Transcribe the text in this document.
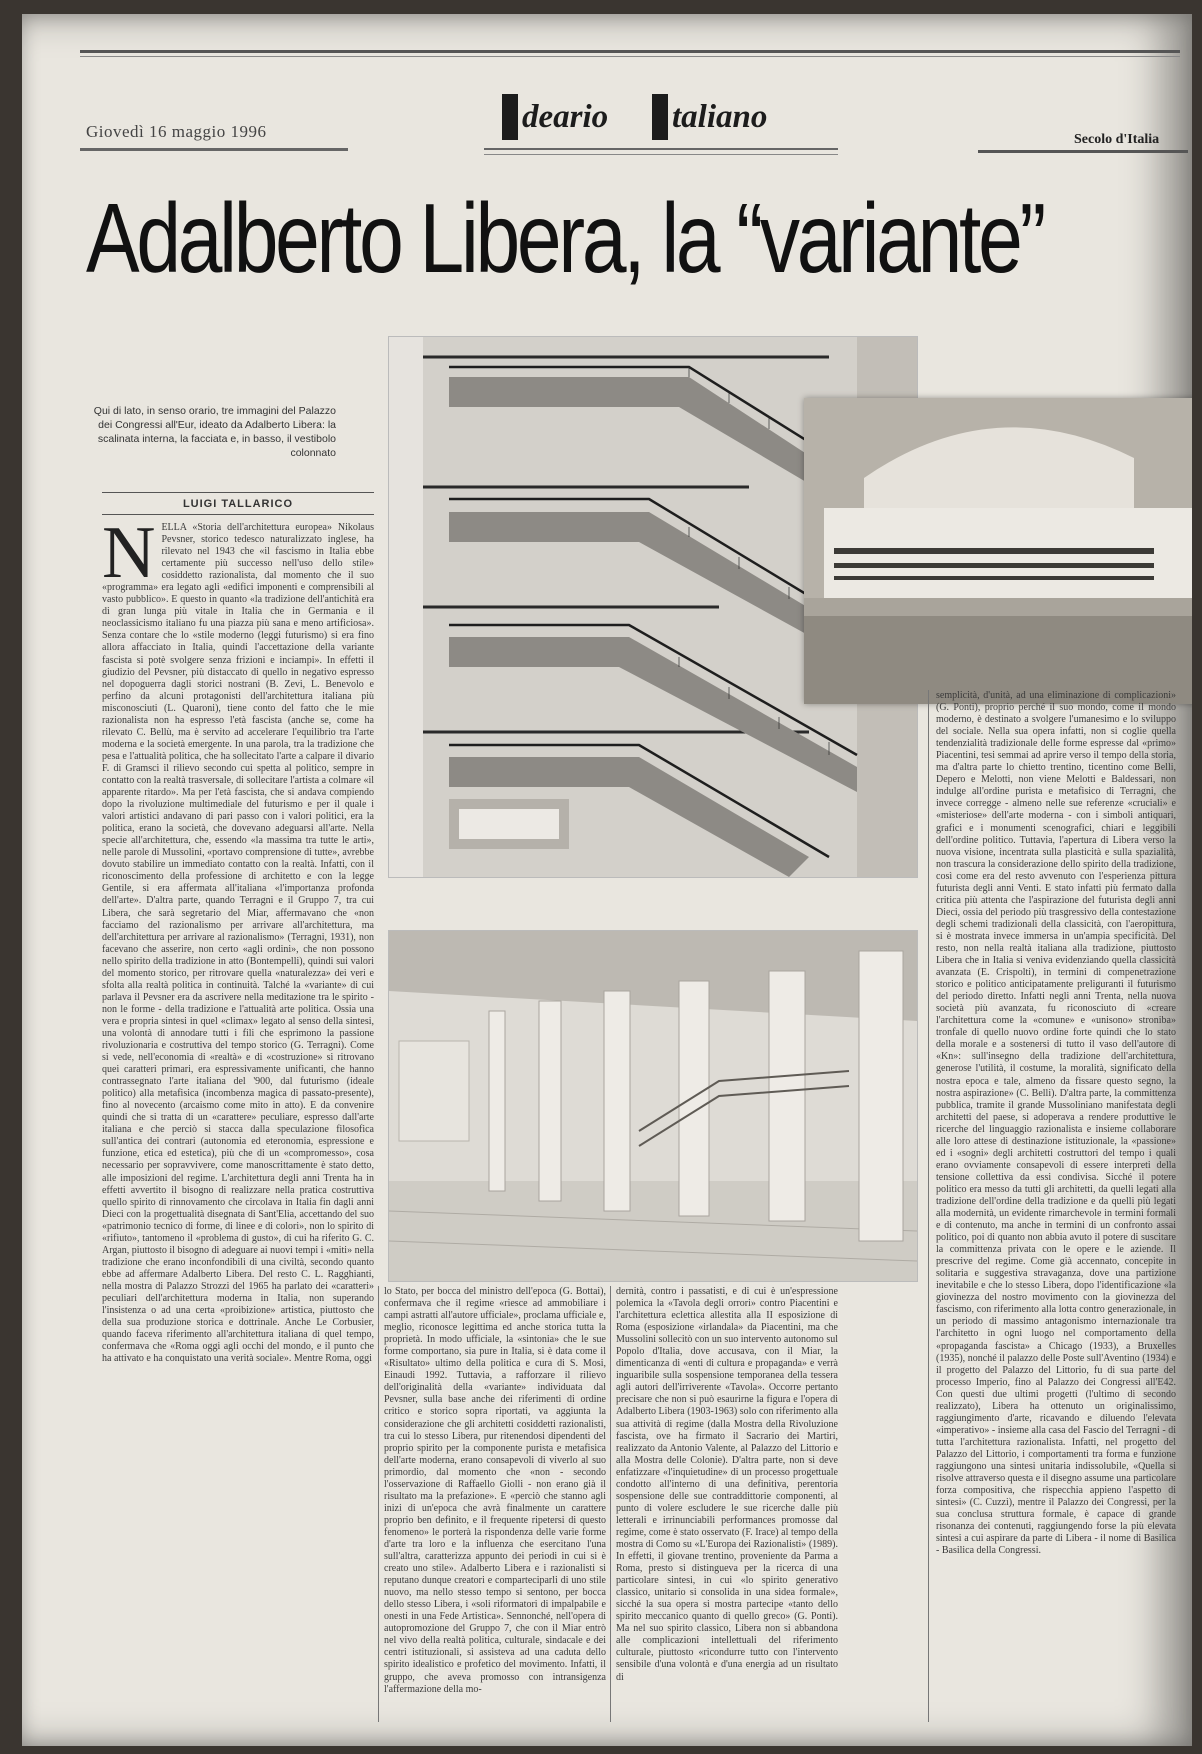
Giovedì 16 maggio 1996	deario taliano
Secolo d'Italia
Adalberto Libera, la “variante”
Qui di lato, in senso orario, tre immagini del Palazzo dei Congressi all'Eur, ideato da Adalberto Libera: la scalinata interna, la facciata e, in basso, il vestibolo colonnato
LUIGI TALLARICO
N ELLA «Storia dell'architettura europea» Nikolaus Pevsner, storico tedesco naturalizzato inglese, ha rilevato nel 1943 che «il fascismo in Italia ebbe certamente più successo nell'uso dello stile» cosiddetto razionalista, dal momento che il suo «programma» era legato agli «edifici imponenti e comprensibili al vasto pubblico». E questo in quanto «la tradizione dell'antichità era di gran lunga più vitale in Italia che in Germania e il neoclassicismo italiano fu una piazza più sana e meno artificiosa». Senza contare che lo «stile moderno (leggi futurismo) si era fino allora affacciato in Italia, quindi l'accettazione della variante fascista si potè svolgere senza frizioni e inciampi». In effetti il giudizio del Pevsner, più distaccato di quello in negativo espresso nel dopoguerra dagli storici nostrani (B. Zevi, L. Benevolo e perfino da alcuni protagonisti dell'architettura italiana più misconosciuti (L. Quaroni), tiene conto del fatto che le mie razionalista non ha espresso l'età fascista (anche se, come ha rilevato C. Bellù, ma è servito ad accelerare l'equilibrio tra l'arte moderna e la società emergente. In una parola, tra la tradizione che pesa e l'attualità politica, che ha sollecitato l'arte a calpare il divario F. di Gramsci il rilievo secondo cui spetta al politico, sempre in contatto con la realtà trasversale, di sollecitare l'artista a colmare «il apparente ritardo». Ma per l'età fascista, che si andava compiendo dopo la rivoluzione multimediale del futurismo e per il quale i valori artistici andavano di pari passo con i valori politici, era la politica, erano la società, che dovevano adeguarsi all'arte. Nella specie all'architettura, che, essendo «la massima tra tutte le arti», nelle parole di Mussolini, «portavo comprensione di tutte», avrebbe dovuto stabilire un immediato contatto con la realtà. Infatti, con il riconoscimento della professione di architetto e con la legge Gentile, si era affermata all'italiana «l'importanza profonda dell'arte». D'altra parte, quando Terragni e il Gruppo 7, tra cui Libera, che sarà segretario del Miar, affermavano che «non facciamo del razionalismo per arrivare all'architettura, ma dell'architettura per arrivare al razionalismo» (Terragni, 1931), non facevano che asserire, non certo «agli ordini», che non possono nello spirito della tradizione in atto (Bontempelli), quindi sui valori del momento storico, per ritrovare quella «naturalezza» dei veri e sfolta alla realtà politica in continuità. Talché la «variante» di cui parlava il Pevsner era da ascrivere nella meditazione tra le spirito - non le forme - della tradizione e l'attualità arte politica. Ossia una vera e propria sintesi in quel «climax» legato al senso della sintesi, una volontà di annodare tutti i fili che esprimono la passione rivoluzionaria e costruttiva del tempo storico (G. Terragni). Come si vede, nell'economia di «realtà» e di «costruzione» si ritrovano quei caratteri primari, era espressivamente unificanti, che hanno contrassegnato l'arte italiana del '900, dal futurismo (ideale politico) alla metafisica (incombenza magica di passato-presente), fino al novecento (arcaismo come mito in atto). E da convenire quindi che si tratta di un «carattere» peculiare, espresso dall'arte italiana e che perciò si stacca dalla speculazione filosofica sull'antica dei contrari (autonomia ed eteronomia, espressione e funzione, etica ed estetica), più che di un «compromesso», cosa necessario per sopravvivere, come manoscrittamente è stato detto, alle imposizioni del regime. L'architettura degli anni Trenta ha in effetti avvertito il bisogno di realizzare nella pratica costruttiva quello spirito di rinnovamento che circolava in Italia fin dagli anni Dieci con la progettualità disegnata di Sant'Elia, accettando del suo «patrimonio tecnico di forme, di linee e di colori», non lo spirito di «rifiuto», tantomeno il «problema di gusto», di cui ha riferito G. C. Argan, piuttosto il bisogno di adeguare ai nuovi tempi i «miti» nella tradizione che erano inconfondibili di una civiltà, secondo quanto ebbe ad affermare Adalberto Libera. Del resto C. L. Ragghianti, nella mostra di Palazzo Strozzi del 1965 ha parlato dei «caratteri» peculiari dell'architettura moderna in Italia, non superando l'insistenza o ad una certa «proibizione» artistica, piuttosto che della sua produzione storica e dottrinale. Anche Le Corbusier, quando faceva riferimento all'architettura italiana di quel tempo, confermava che «Roma oggi agli occhi del mondo, e il punto che ha attivato e ha conquistato una verità sociale». Mentre Roma, oggi
lo Stato, per bocca del ministro dell'epoca (G. Bottai), confermava che il regime «riesce ad ammobiliare i campi astratti all'autore ufficiale», proclama ufficiale e, meglio, riconosce legittima ed anche storica tutta la proprietà. In modo ufficiale, la «sintonia» che le sue forme comportano, sia pure in Italia, si è data come il «Risultato» ultimo della politica e cura di S. Mosi, Einaudi 1992. Tuttavia, a rafforzare il rilievo dell'originalità della «variante» individuata dal Pevsner, sulla base anche dei riferimenti di ordine critico e storico sopra riportati, va aggiunta la considerazione che gli architetti cosiddetti razionalisti, tra cui lo stesso Libera, pur ritenendosi dipendenti del proprio spirito per la componente purista e metafisica dell'arte moderna, erano consapevoli di viverlo al suo primordio, dal momento che «non - secondo l'osservazione di Raffaello Giolli - non erano già il risultato ma la prefazione». E «perciò che stanno agli inizi di un'epoca che avrà finalmente un carattere proprio ben definito, e il frequente ripetersi di questo fenomeno» le porterà la rispondenza delle varie forme d'arte tra loro e la influenza che esercitano l'una sull'altra, caratterizza appunto dei periodi in cui si è creato uno stile». Adalberto Libera e i razionalisti si reputano dunque creatori e comparteciparli di uno stile nuovo, ma nello stesso tempo si sentono, per bocca dello stesso Libera, i «soli riformatori di impalpabile e onesti in una Fede Artistica». Sennonché, nell'opera di autopromozione del Gruppo 7, che con il Miar entrò nel vivo della realtà politica, culturale, sindacale e dei centri istituzionali, si assisteva ad una caduta dello spirito idealistico e profetico del movimento. Infatti, il gruppo, che aveva promosso con intransigenza l'affermazione della mo-
dernità, contro i passatisti, e di cui è un'espressione polemica la «Tavola degli orrori» contro Piacentini e l'architettura eclettica allestita alla II esposizione di Roma (esposizione «irlandala» da Piacentini, ma che Mussolini sollecitò con un suo intervento autonomo sul Popolo d'Italia, dove accusava, con il Miar, la dimenticanza di «enti di cultura e propaganda» e verrà inguaribile sulla sospensione temporanea della tessera agli autori dell'irriverente «Tavola». Occorre pertanto precisare che non si può esaurirne la figura e l'opera di Adalberto Libera (1903-1963) solo con riferimento alla sua attività di regime (dalla Mostra della Rivoluzione fascista, ove ha firmato il Sacrario dei Martiri, realizzato da Antonio Valente, al Palazzo del Littorio e alla Mostra delle Colonie). D'altra parte, non si deve enfatizzare «l'inquietudine» di un processo progettuale condotto all'interno di una definitiva, perentoria sospensione delle sue contraddittorie componenti, al punto di volere escludere le sue ricerche dalle più letterali e irrinunciabili performances promosse dal regime, come è stato osservato (F. Irace) al tempo della mostra di Como su «L'Europa dei Razionalisti» (1989). In effetti, il giovane trentino, proveniente da Parma a Roma, presto si distingueva per la ricerca di una particolare sintesi, in cui «lo spirito generativo classico, unitario si consolida in una sidea formale», sicché la sua opera si mostra partecipe «tanto dello spirito meccanico quanto di quello greco» (G. Ponti). Ma nel suo spirito classico, Libera non si abbandona alle complicazioni intellettuali del riferimento culturale, piuttosto «ricondurre tutto con l'intervento sensibile d'una volontà e d'una energia ad un risultato di
semplicità, d'unità, ad una eliminazione di complicazioni» (G. Ponti), proprio perché il suo mondo, come il mondo moderno, è destinato a svolgere l'umanesimo e lo sviluppo del sociale. Nella sua opera infatti, non si coglie quella tendenzialità tradizionale delle forme espresse dal «primo» Piacentini, tesi semmai ad aprire verso il tempo della storia, ma d'altra parte lo chietto trentino, ticentino come Belli, Depero e Melotti, non viene Melotti e Baldessari, non indulge all'ordine purista e metafisico di Terragni, che invece corregge - almeno nelle sue referenze «cruciali» e «misteriose» dell'arte moderna - con i simboli antiquari, grafici e i monumenti scenografici, chiari e leggibili dell'ordine politico. Tuttavia, l'apertura di Libera verso la nuova visione, incentrata sulla plasticità e sulla spazialità, non trascura la considerazione dello spirito della tradizione, così come era del resto avvenuto con l'esperienza pittura futurista degli anni Venti. E stato infatti più fermato dalla critica più attenta che l'aspirazione del futurista degli anni Dieci, ossia del periodo più trasgressivo della contestazione degli schemi tradizionali della classicità, con l'aeropittura, si è mostrata invece immersa in un'ampia specificità. Del resto, non nella realtà italiana alla tradizione, piuttosto Libera che in Italia si veniva evidenziando quella classicità avanzata (E. Crispolti), in termini di compenetrazione storico e politico anticipatamente preliguranti il futurismo del periodo diretto. Infatti negli anni Trenta, nella nuova società più avanzata, fu riconosciuto di «creare l'architettura come la «comune» e «unisono» stroniba» tronfale di quello nuovo ordine forte quindi che lo stato della morale e a sostenersi di tutto il vaso dell'autore di «Kn»: sull'insegno della tradizione dell'architettura, generose l'utilità, il costume, la moralità, significato della nostra epoca e tale, almeno da fissare questo segno, la nostra aspirazione» (C. Belli). D'altra parte, la committenza pubblica, tramite il grande Mussoliniano manifestata degli architetti del paese, si adoperava a rendere produttive le ricerche del linguaggio razionalista e insieme collaborare alle loro attese di destinazione istituzionale, la «passione» ed i «sogni» degli architetti costruttori del tempo i quali erano ovviamente consapevoli di essere interpreti della tensione collettiva da essi condivisa. Sicché il potere politico era messo da tutti gli architetti, da quelli legati alla tradizione dell'ordine della tradizione e da quelli più legati alla modernità, un evidente rimarchevole in termini formali e di contenuto, ma anche in termini di un confronto assai politico, poi di quanto non abbia avuto il potere di suscitare la committenza privata con le opere e le aziende. Il prescrive del regime. Come già accennato, concepite in solitaria e suggestiva stravaganza, dove una partizione inevitabile e che lo stesso Libera, dopo l'identificazione «la giovinezza del nostro movimento con la giovinezza del fascismo, con riferimento alla lotta contro generazionale, in un periodo di massimo antagonismo internazionale tra l'architetto in ogni luogo nel comportamento della «propaganda fascista» a Chicago (1933), a Bruxelles (1935), nonché il palazzo delle Poste sull'Aventino (1934) e il progetto del Palazzo del Littorio, fu di sua parte del processo Imperio, fino al Palazzo dei Congressi all'E42. Con questi due ultimi progetti (l'ultimo di secondo realizzato), Libera ha ottenuto un originalissimo, raggiungimento d'arte, ricavando e diluendo l'elevata «imperativo» - insieme alla casa del Fascio del Terragni - di tutta l'architettura razionalista. Infatti, nel progetto del Palazzo del Littorio, i comportamenti tra forma e funzione raggiungono una sintesi unitaria indissolubile, «Quella si risolve attraverso questa e il disegno assume una particolare forza compositiva, che rispecchia appieno l'aspetto di sintesi» (C. Cuzzi), mentre il Palazzo dei Congressi, per la sua conclusa struttura formale, è capace di grande risonanza dei contenuti, raggiungendo forse la più elevata sintesi a cui aspirare da parte di Libera - il nome di Basilica - Basilica della Congressi.
